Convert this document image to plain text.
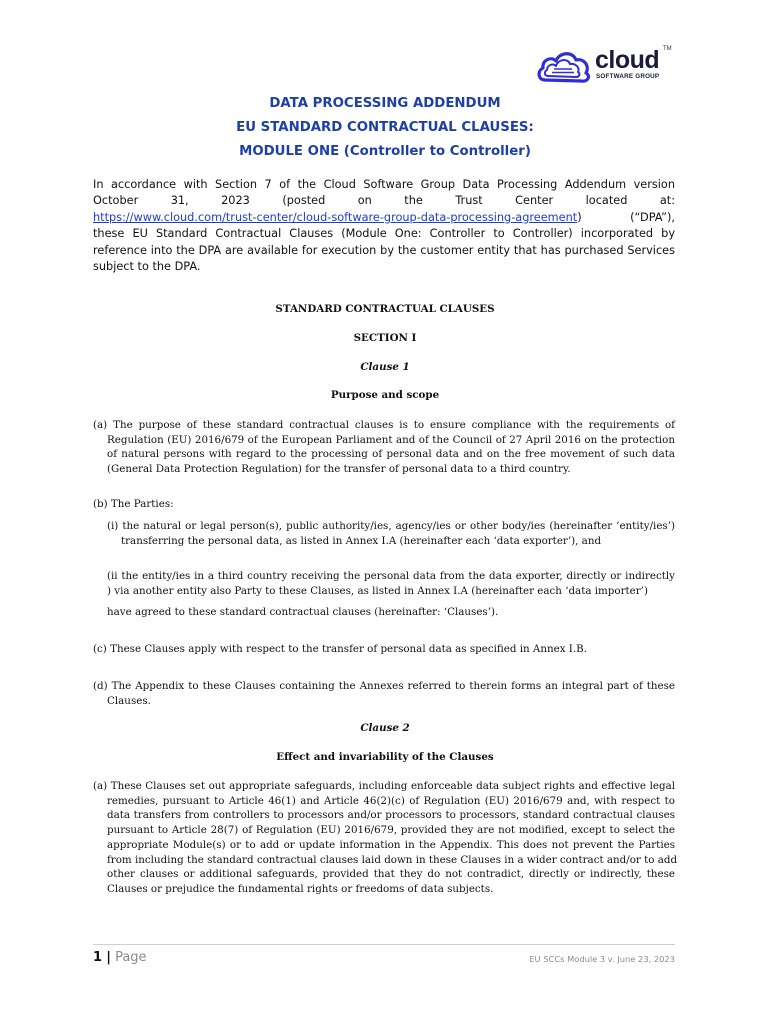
cloud TM
SOFTWARE GROUP
DATA PROCESSING ADDENDUM
EU STANDARD CONTRACTUAL CLAUSES:
MODULE ONE (Controller to Controller)
In accordance with Section 7 of the Cloud Software Group Data Processing Addendum version
October	31,	2023	(posted	on	the	Trust	Center	located	at:
https://www.cloud.com/trust-center/cloud-software-group-data-processing-agreement)	(“DPA”),
these EU Standard Contractual Clauses (Module One: Controller to Controller) incorporated by
reference into the DPA are available for execution by the customer entity that has purchased Services
subject to the DPA.
STANDARD CONTRACTUAL CLAUSES
SECTION I
Clause 1
Purpose and scope
(a) The purpose of these standard contractual clauses is to ensure compliance with the requirements of
Regulation (EU) 2016/679 of the European Parliament and of the Council of 27 April 2016 on the protection
of natural persons with regard to the processing of personal data and on the free movement of such data
(General Data Protection Regulation) for the transfer of personal data to a third country.
(b) The Parties:
(i) the natural or legal person(s), public authority/ies, agency/ies or other body/ies (hereinafter ‘entity/ies’)
transferring the personal data, as listed in Annex I.A (hereinafter each ‘data exporter’), and
(ii the entity/ies in a third country receiving the personal data from the data exporter, directly or indirectly
) via another entity also Party to these Clauses, as listed in Annex I.A (hereinafter each ‘data importer’)
have agreed to these standard contractual clauses (hereinafter: ‘Clauses’).
(c) These Clauses apply with respect to the transfer of personal data as specified in Annex I.B.
(d) The Appendix to these Clauses containing the Annexes referred to therein forms an integral part of these
Clauses.
Clause 2
Effect and invariability of the Clauses
(a) These Clauses set out appropriate safeguards, including enforceable data subject rights and effective legal
remedies, pursuant to Article 46(1) and Article 46(2)(c) of Regulation (EU) 2016/679 and, with respect to
data transfers from controllers to processors and/or processors to processors, standard contractual clauses
pursuant to Article 28(7) of Regulation (EU) 2016/679, provided they are not modified, except to select the
appropriate Module(s) or to add or update information in the Appendix. This does not prevent the Parties
from including the standard contractual clauses laid down in these Clauses in a wider contract and/or to add
other clauses or additional safeguards, provided that they do not contradict, directly or indirectly, these
Clauses or prejudice the fundamental rights or freedoms of data subjects.
1 | Page	EU SCCs Module 3 v. June 23, 2023
